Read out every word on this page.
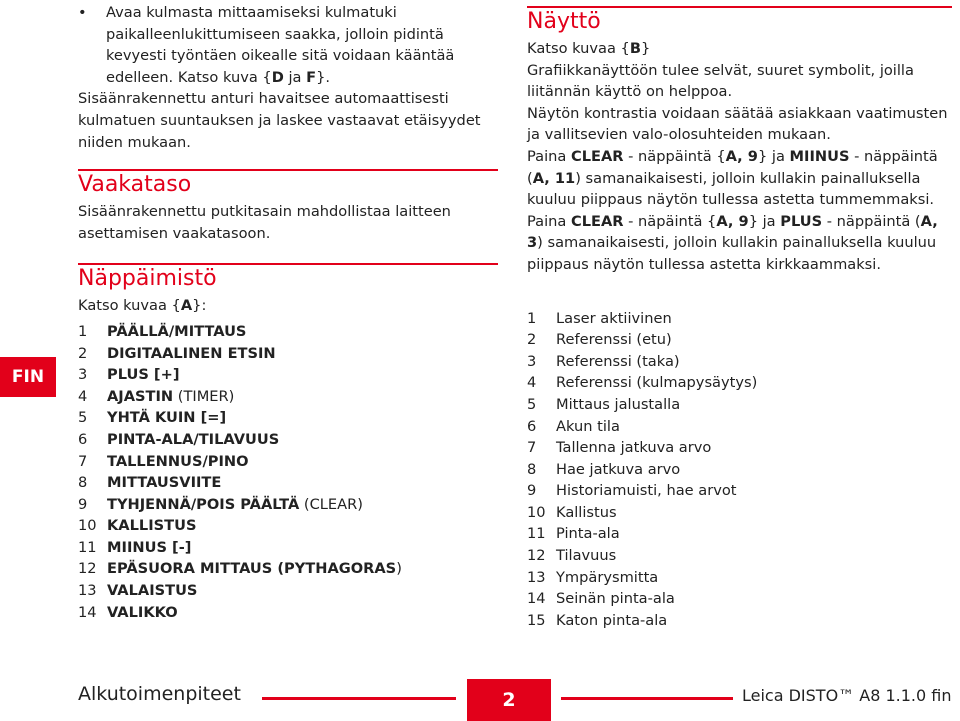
FIN
• Avaa kulmasta mittaamiseksi kulmatuki paikalleenlukittumiseen saakka, jolloin pidintä kevyesti työntäen oikealle sitä voidaan kääntää edelleen. Katso kuva {D ja F}.

Sisäänrakennettu anturi havaitsee automaattisesti kulmatuen suuntauksen ja laskee vastaavat etäisyydet niiden mukaan.

Vaakataso

Sisäänrakennettu putkitasain mahdollistaa laitteen asettamisen vaakatasoon.

Näppäimistö

Katso kuvaa {A}:

1	PÄÄLLÄ/MITTAUS
2	DIGITAALINEN ETSIN
3	PLUS [+]
4	AJASTIN (TIMER)
5	YHTÄ KUIN [=]
6	PINTA-ALA/TILAVUUS
7	TALLENNUS/PINO
8	MITTAUSVIITE
9	TYHJENNÄ/POIS PÄÄLTÄ (CLEAR)
10 KALLISTUS
11 MIINUS [-]
12 EPÄSUORA MITTAUS (PYTHAGORAS)
13 VALAISTUS
14 VALIKKO
Näyttö

Katso kuvaa {B}

Grafiikkanäyttöön tulee selvät, suuret symbolit, joilla liitännän käyttö on helppoa.

Näytön kontrastia voidaan säätää asiakkaan vaatimusten ja vallitsevien valo-olosuhteiden mukaan.

Paina CLEAR - näppäintä {A, 9} ja MIINUS - näppäintä (A, 11) samanaikaisesti, jolloin kullakin painalluksella kuuluu piippaus näytön tullessa astetta tummemmaksi.

Paina CLEAR - näpäintä {A, 9} ja PLUS - näppäintä (A, 3) samanaikaisesti, jolloin kullakin painalluksella kuuluu piippaus näytön tullessa astetta kirkkaammaksi.

1	Laser aktiivinen
2	Referenssi (etu)
3	Referenssi (taka)
4	Referenssi (kulmapysäytys)
5	Mittaus jalustalla
6	Akun tila
7	Tallenna jatkuva arvo
8	Hae jatkuva arvo
9	Historiamuisti, hae arvot
10 Kallistus
11 Pinta-ala
12 Tilavuus
13 Ympärysmitta
14 Seinän pinta-ala
15 Katon pinta-ala
Alkutoimenpiteet	2	Leica DISTO™ A8 1.1.0 fin
